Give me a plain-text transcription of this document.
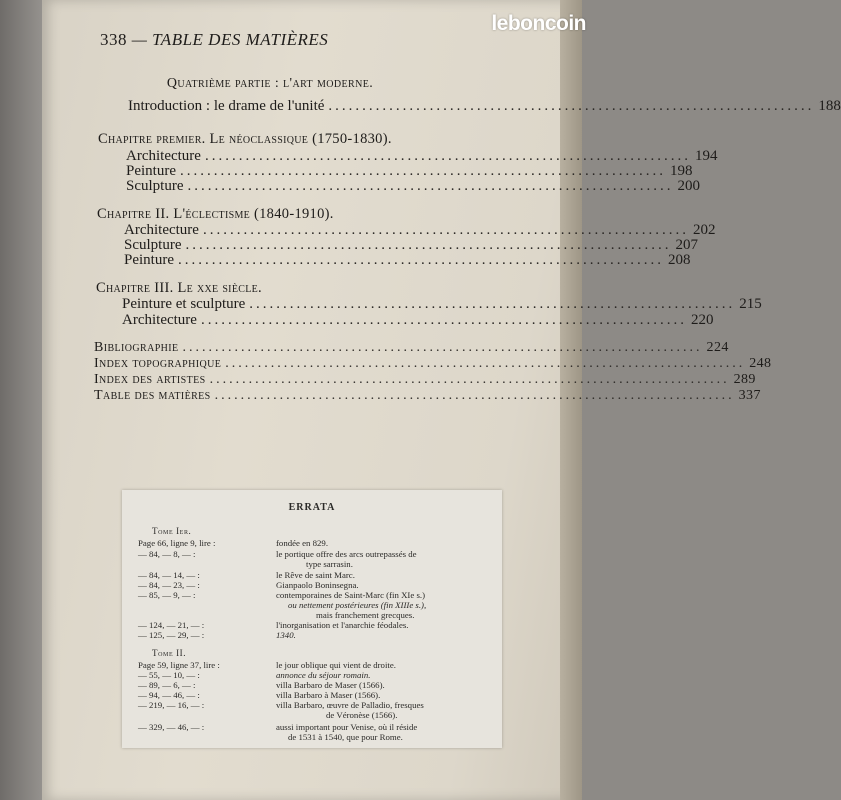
leboncoin
338 — TABLE DES MATIÈRES
Quatrième partie : l'art moderne.
Introduction : le drame de l'unité ........................................................................ 188
Chapitre premier. Le néoclassique (1750-1830).
Architecture ........................................................................ 194
Peinture ........................................................................ 198
Sculpture ........................................................................ 200
Chapitre II. L'éclectisme (1840-1910).
Architecture ........................................................................ 202
Sculpture ........................................................................ 207
Peinture ........................................................................ 208
Chapitre III. Le xxe siècle.
Peinture et sculpture ........................................................................ 215
Architecture ........................................................................ 220
Bibliographie ................................................................................ 224
Index topographique ................................................................................ 248
Index des artistes ................................................................................ 289
Table des matières ................................................................................ 337
ERRATA
Tome Ier.
Page 66, ligne 9, lire :	fondée en 829.
— 84, — 8, — :	le portique offre des arcs outrepassés de
type sarrasin.
— 84, — 14, — :	le Rêve de saint Marc.
— 84, — 23, — :	Gianpaolo Boninsegna.
— 85, — 9, — :	contemporaines de Saint-Marc (fin XIe s.)
ou nettement postérieures (fin XIIIe s.),
mais franchement grecques.
— 124, — 21, — :	l'inorganisation et l'anarchie féodales.
— 125, — 29, — :	1340.
Tome II.
Page 59, ligne 37, lire :	le jour oblique qui vient de droite.
— 55, — 10, — :	annonce du séjour romain.
— 89, — 6, — :	villa Barbaro de Maser (1566).
— 94, — 46, — :	villa Barbaro à Maser (1566).
— 219, — 16, — :	villa Barbaro, œuvre de Palladio, fresques
de Véronèse (1566).
— 329, — 46, — :	aussi important pour Venise, où il réside
de 1531 à 1540, que pour Rome.
